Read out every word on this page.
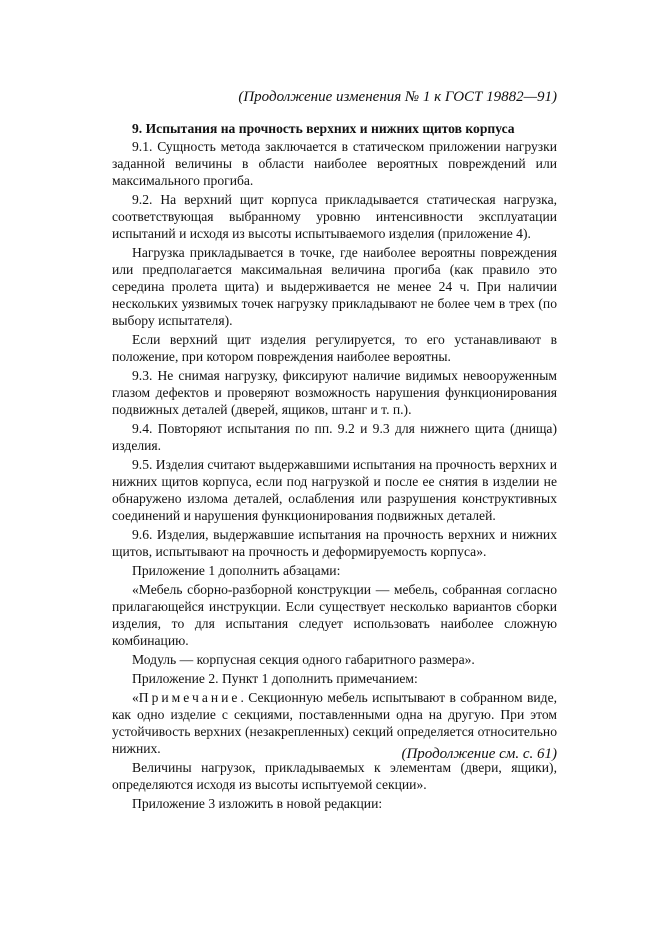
(Продолжение изменения № 1 к ГОСТ 19882—91)

9. Испытания на прочность верхних и нижних щитов корпуса

9.1. Сущность метода заключается в статическом приложении нагрузки заданной величины в области наиболее вероятных повреждений или максимального прогиба.

9.2. На верхний щит корпуса прикладывается статическая нагрузка, соответствующая выбранному уровню интенсивности эксплуатации испытаний и исходя из высоты испытываемого изделия (приложение 4).

Нагрузка прикладывается в точке, где наиболее вероятны повреждения или предполагается максимальная величина прогиба (как правило это середина пролета щита) и выдерживается не менее 24 ч. При наличии нескольких уязвимых точек нагрузку прикладывают не более чем в трех (по выбору испытателя).

Если верхний щит изделия регулируется, то его устанавливают в положение, при котором повреждения наиболее вероятны.

9.3. Не снимая нагрузку, фиксируют наличие видимых невооруженным глазом дефектов и проверяют возможность нарушения функционирования подвижных деталей (дверей, ящиков, штанг и т. п.).

9.4. Повторяют испытания по пп. 9.2 и 9.3 для нижнего щита (днища) изделия.

9.5. Изделия считают выдержавшими испытания на прочность верхних и нижних щитов корпуса, если под нагрузкой и после ее снятия в изделии не обнаружено излома деталей, ослабления или разрушения конструктивных соединений и нарушения функционирования подвижных деталей.

9.6. Изделия, выдержавшие испытания на прочность верхних и нижних щитов, испытывают на прочность и деформируемость корпуса».

Приложение 1 дополнить абзацами:

«Мебель сборно-разборной конструкции — мебель, собранная согласно прилагающейся инструкции. Если существует несколько вариантов сборки изделия, то для испытания следует использовать наиболее сложную комбинацию.

Модуль — корпусная секция одного габаритного размера».

Приложение 2. Пункт 1 дополнить примечанием:

«Примечание. Секционную мебель испытывают в собранном виде, как одно изделие с секциями, поставленными одна на другую. При этом устойчивость верхних (незакрепленных) секций определяется относительно нижних.

Величины нагрузок, прикладываемых к элементам (двери, ящики), определяются исходя из высоты испытуемой секции».

Приложение 3 изложить в новой редакции:

(Продолжение см. с. 61)
